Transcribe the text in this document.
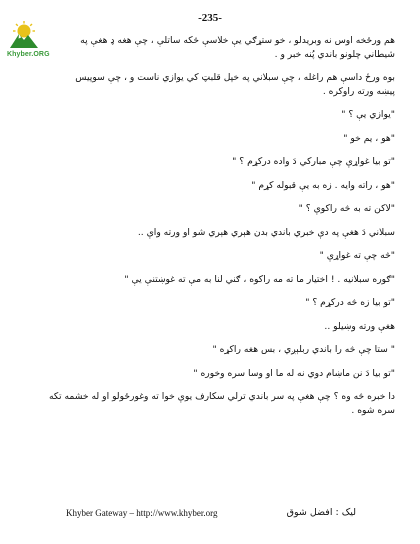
Khyber.ORG
-235-

هم ورځخه اوس نه وبريدلو ، خو ستړګي يې خلاسې څکه ساتلې ، چې هغه ډ هغې په
شيطاني چلونو باندي پُنه خبر و .

بوه ورځ داسې هم راغله ، چې سبلاني په خپل قلبټ کي يوازي ناست و ، چې سوپيس
پيښه ورته راوکره .

"يوازي يې ؟ "

"هو ، يم خو "

"تو بيا غواړې چې مبارکي دَ واده درکړم ؟ "

"هو ، راته وايه . زه به يې قبوله کړم "

"لاکن ته به څه راکوې ؟ "

سبلاني دَ هغې په دې خبري باندي بدن هېري هېري شو او ورته واې ..

"څه چې ته غواړې "

"ګوره سبلانيه . ! اختيار ما ته مه راکوه ، ګني لنا به مې ته غوښتنې يې "

"تو بيا زه څه درکړم ؟ "

هغې ورته وښيلو ..

" ستا چې څه را باندي ربلېږي ، بس هغه راکړه "

"تو بيا دَ نن ماښام دوي نه له ما او وسا سره وخوره "

دا خبره څه وه ؟ چې هغې په سر باندي ترلي سکارف يوې خوا ته وغورځولو او له خشمه تکه
سره شوه .

Khyber Gateway – http://www.khyber.org	ليک : افضل شوق
